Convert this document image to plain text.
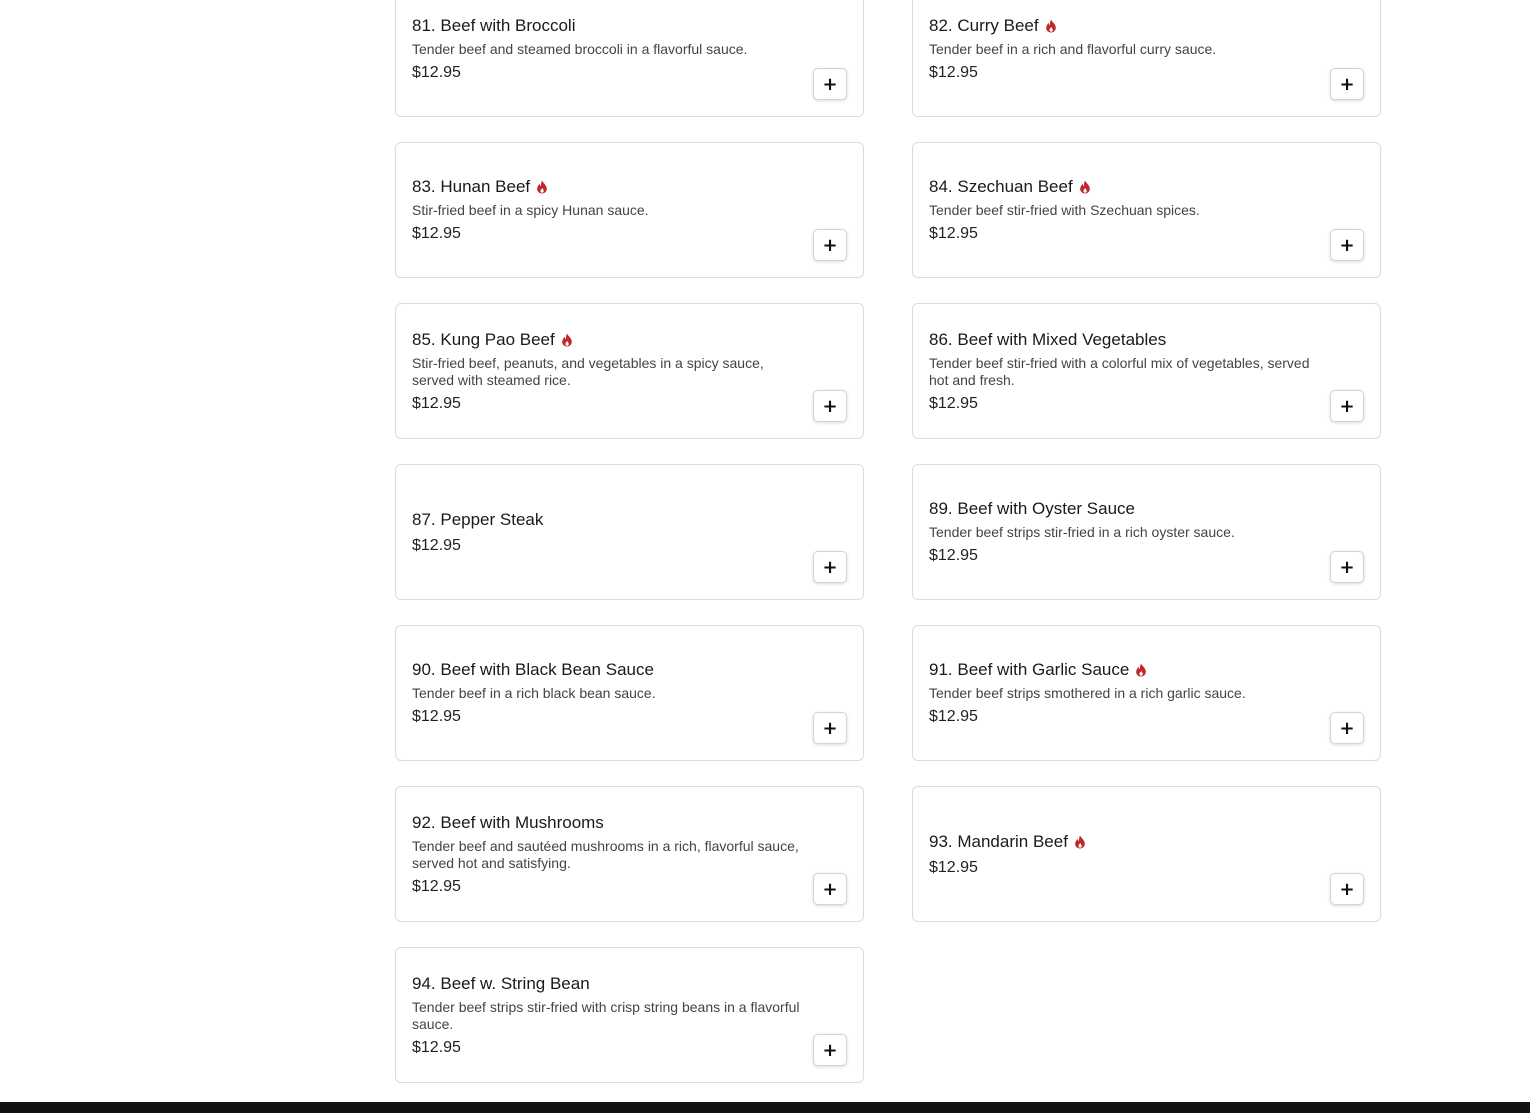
81. Beef with Broccoli
Tender beef and steamed broccoli in a flavorful sauce.
$12.95
+
82. Curry Beef
Tender beef in a rich and flavorful curry sauce.
$12.95
+
83. Hunan Beef
Stir-fried beef in a spicy Hunan sauce.
$12.95
+
84. Szechuan Beef
Tender beef stir-fried with Szechuan spices.
$12.95
+
85. Kung Pao Beef
Stir-fried beef, peanuts, and vegetables in a spicy sauce, served with steamed rice.
$12.95	+
86. Beef with Mixed Vegetables
Tender beef stir-fried with a colorful mix of vegetables, served hot and fresh.
$12.95	+
87. Pepper Steak
$12.95
+
89. Beef with Oyster Sauce
Tender beef strips stir-fried in a rich oyster sauce.
$12.95
+
90. Beef with Black Bean Sauce
Tender beef in a rich black bean sauce.
$12.95
+
91. Beef with Garlic Sauce
Tender beef strips smothered in a rich garlic sauce.
$12.95
+
92. Beef with Mushrooms
Tender beef and sautéed mushrooms in a rich, flavorful sauce, served hot and satisfying.
$12.95	+
93. Mandarin Beef
$12.95
+
94. Beef w. String Bean
Tender beef strips stir-fried with crisp string beans in a flavorful sauce.
$12.95	+
